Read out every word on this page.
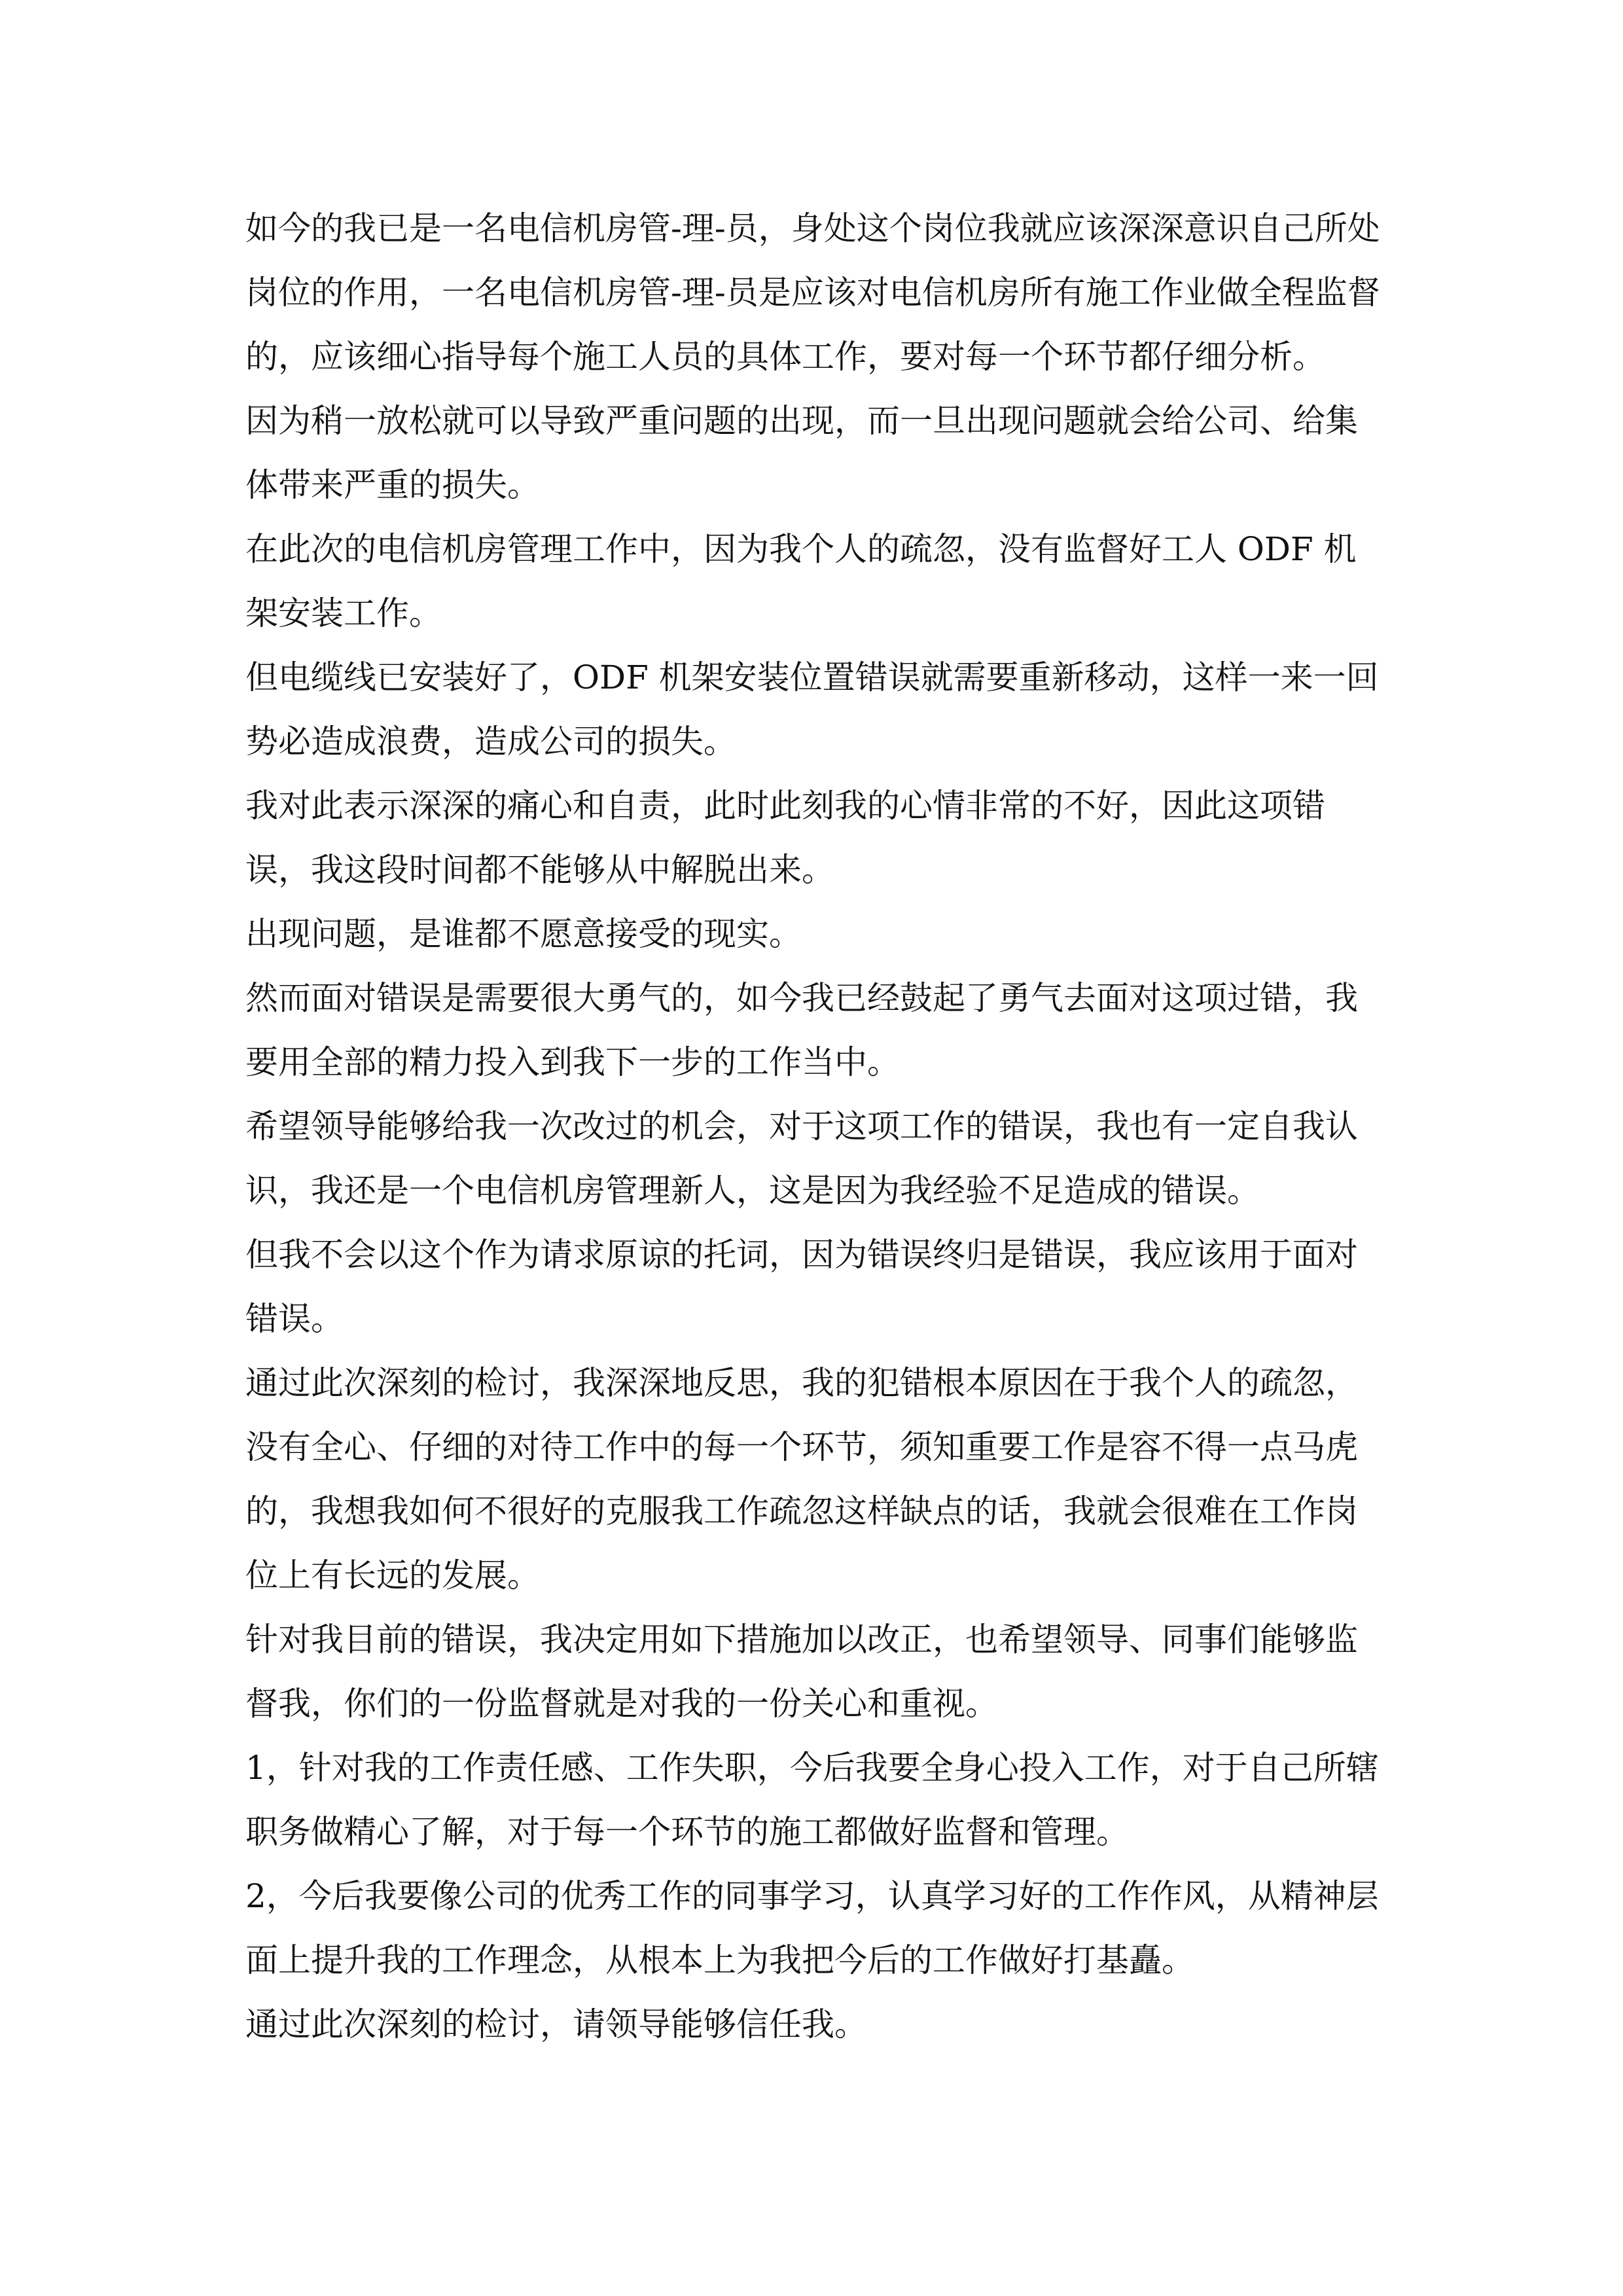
如今的我已是一名电信机房管-理-员，身处这个岗位我就应该深深意识自己所处岗位的作用，一名电信机房管-理-员是应该对电信机房所有施工作业做全程监督的，应该细心指导每个施工人员的具体工作，要对每一个环节都仔细分析。

因为稍一放松就可以导致严重问题的出现，而一旦出现问题就会给公司、给集体带来严重的损失。

在此次的电信机房管理工作中，因为我个人的疏忽，没有监督好工人 ODF 机架安装工作。

但电缆线已安装好了，ODF 机架安装位置错误就需要重新移动，这样一来一回势必造成浪费，造成公司的损失。

我对此表示深深的痛心和自责，此时此刻我的心情非常的不好，因此这项错误，我这段时间都不能够从中解脱出来。

出现问题，是谁都不愿意接受的现实。

然而面对错误是需要很大勇气的，如今我已经鼓起了勇气去面对这项过错，我要用全部的精力投入到我下一步的工作当中。

希望领导能够给我一次改过的机会，对于这项工作的错误，我也有一定自我认识，我还是一个电信机房管理新人，这是因为我经验不足造成的错误。

但我不会以这个作为请求原谅的托词，因为错误终归是错误，我应该用于面对错误。

通过此次深刻的检讨，我深深地反思，我的犯错根本原因在于我个人的疏忽，没有全心、仔细的对待工作中的每一个环节，须知重要工作是容不得一点马虎的，我想我如何不很好的克服我工作疏忽这样缺点的话，我就会很难在工作岗位上有长远的发展。

针对我目前的错误，我决定用如下措施加以改正，也希望领导、同事们能够监督我，你们的一份监督就是对我的一份关心和重视。

1，针对我的工作责任感、工作失职，今后我要全身心投入工作，对于自己所辖职务做精心了解，对于每一个环节的施工都做好监督和管理。

2，今后我要像公司的优秀工作的同事学习，认真学习好的工作作风，从精神层面上提升我的工作理念，从根本上为我把今后的工作做好打基矗。

通过此次深刻的检讨，请领导能够信任我。
